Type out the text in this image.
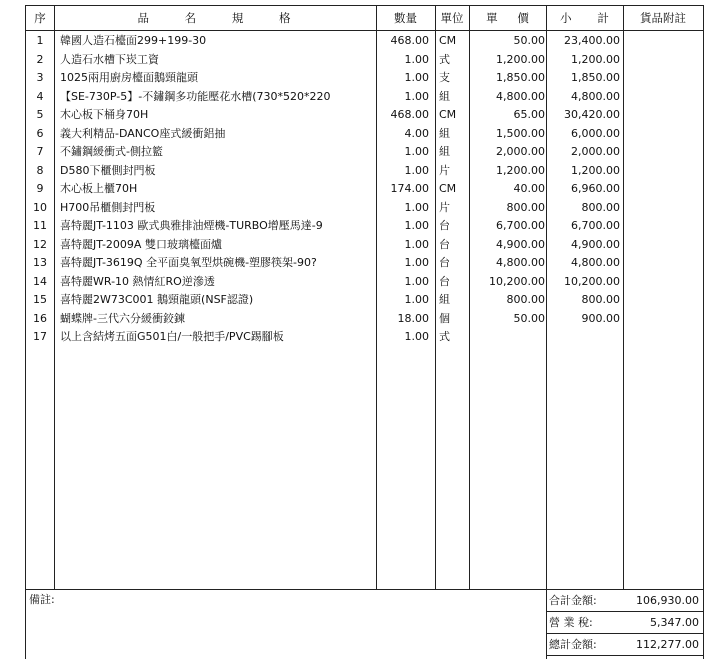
序	品 名 規 格	數量	單位	單 價	小 計	貨品附註
1	韓國人造石檯面299+199-30	468.00 CM	50.00	23,400.00
2	人造石水槽下崁工資	1.00 式	1,200.00	1,200.00
3	1025兩用廚房檯面鵝頸龍頭	1.00 支	1,850.00	1,850.00
4	【SE-730P-5】-不鏽鋼多功能壓花水槽(730*520*220	1.00 組	4,800.00	4,800.00
5	木心板下桶身70H	468.00 CM	65.00	30,420.00
6	義大利精品-DANCO座式緩衝鋁抽	4.00 組	1,500.00	6,000.00
7	不鏽鋼緩衝式-側拉籃	1.00 組	2,000.00	2,000.00
8	D580下櫃側封門板	1.00 片	1,200.00	1,200.00
9	木心板上櫃70H	174.00 CM	40.00	6,960.00
10	H700吊櫃側封門板	1.00 片	800.00	800.00
11	喜特麗JT-1103 歐式典雅排油煙機-TURBO增壓馬達-9	1.00 台	6,700.00	6,700.00
12	喜特麗JT-2009A 雙口玻璃檯面爐	1.00 台	4,900.00	4,900.00
13	喜特麗JT-3619Q 全平面臭氧型烘碗機-塑膠筷架-90?	1.00 台	4,800.00	4,800.00
14	喜特麗WR-10 熱情紅RO逆滲透	1.00 台	10,200.00	10,200.00
15	喜特麗2W73C001 鵝頸龍頭(NSF認證)	1.00 組	800.00	800.00
16	蝴蝶牌-三代六分緩衝鉸鍊	18.00 個	50.00	900.00
17	以上含結烤五面G501白/一般把手/PVC踢腳板	1.00 式
備註:	合計金額:	106,930.00
營 業 稅:	5,347.00
總計金額:	112,277.00
